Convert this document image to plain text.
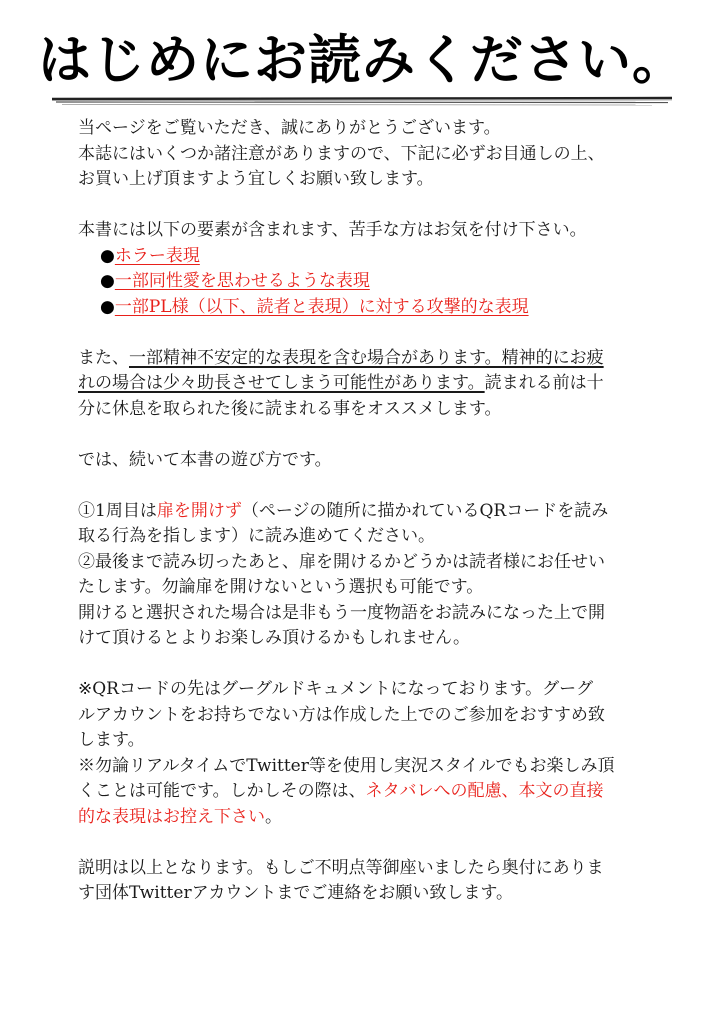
はじめにお読みください。

当ページをご覧いただき、誠にありがとうございます。

本誌にはいくつか諸注意がありますので、下記に必ずお目通しの上、

お買い上げ頂ますよう宜しくお願い致します。

本書には以下の要素が含まれます、苦手な方はお気を付け下さい。

●ホラー表現

●一部同性愛を思わせるような表現

●一部PL様（以下、読者と表現）に対する攻撃的な表現

また、一部精神不安定的な表現を含む場合があります。精神的にお疲

れの場合は少々助長させてしまう可能性があります。読まれる前は十

分に休息を取られた後に読まれる事をオススメします。

では、続いて本書の遊び方です。

①1周目は扉を開けず（ページの随所に描かれているQRコードを読み

取る行為を指します）に読み進めてください。

②最後まで読み切ったあと、扉を開けるかどうかは読者様にお任せい

たします。勿論扉を開けないという選択も可能です。

開けると選択された場合は是非もう一度物語をお読みになった上で開

けて頂けるとよりお楽しみ頂けるかもしれません。

※QRコードの先はグーグルドキュメントになっております。グーグ

ルアカウントをお持ちでない方は作成した上でのご参加をおすすめ致

します。

※勿論リアルタイムでTwitter等を使用し実況スタイルでもお楽しみ頂

くことは可能です。しかしその際は、ネタバレへの配慮、本文の直接

的な表現はお控え下さい。

説明は以上となります。もしご不明点等御座いましたら奥付にありま

す団体Twitterアカウントまでご連絡をお願い致します。
